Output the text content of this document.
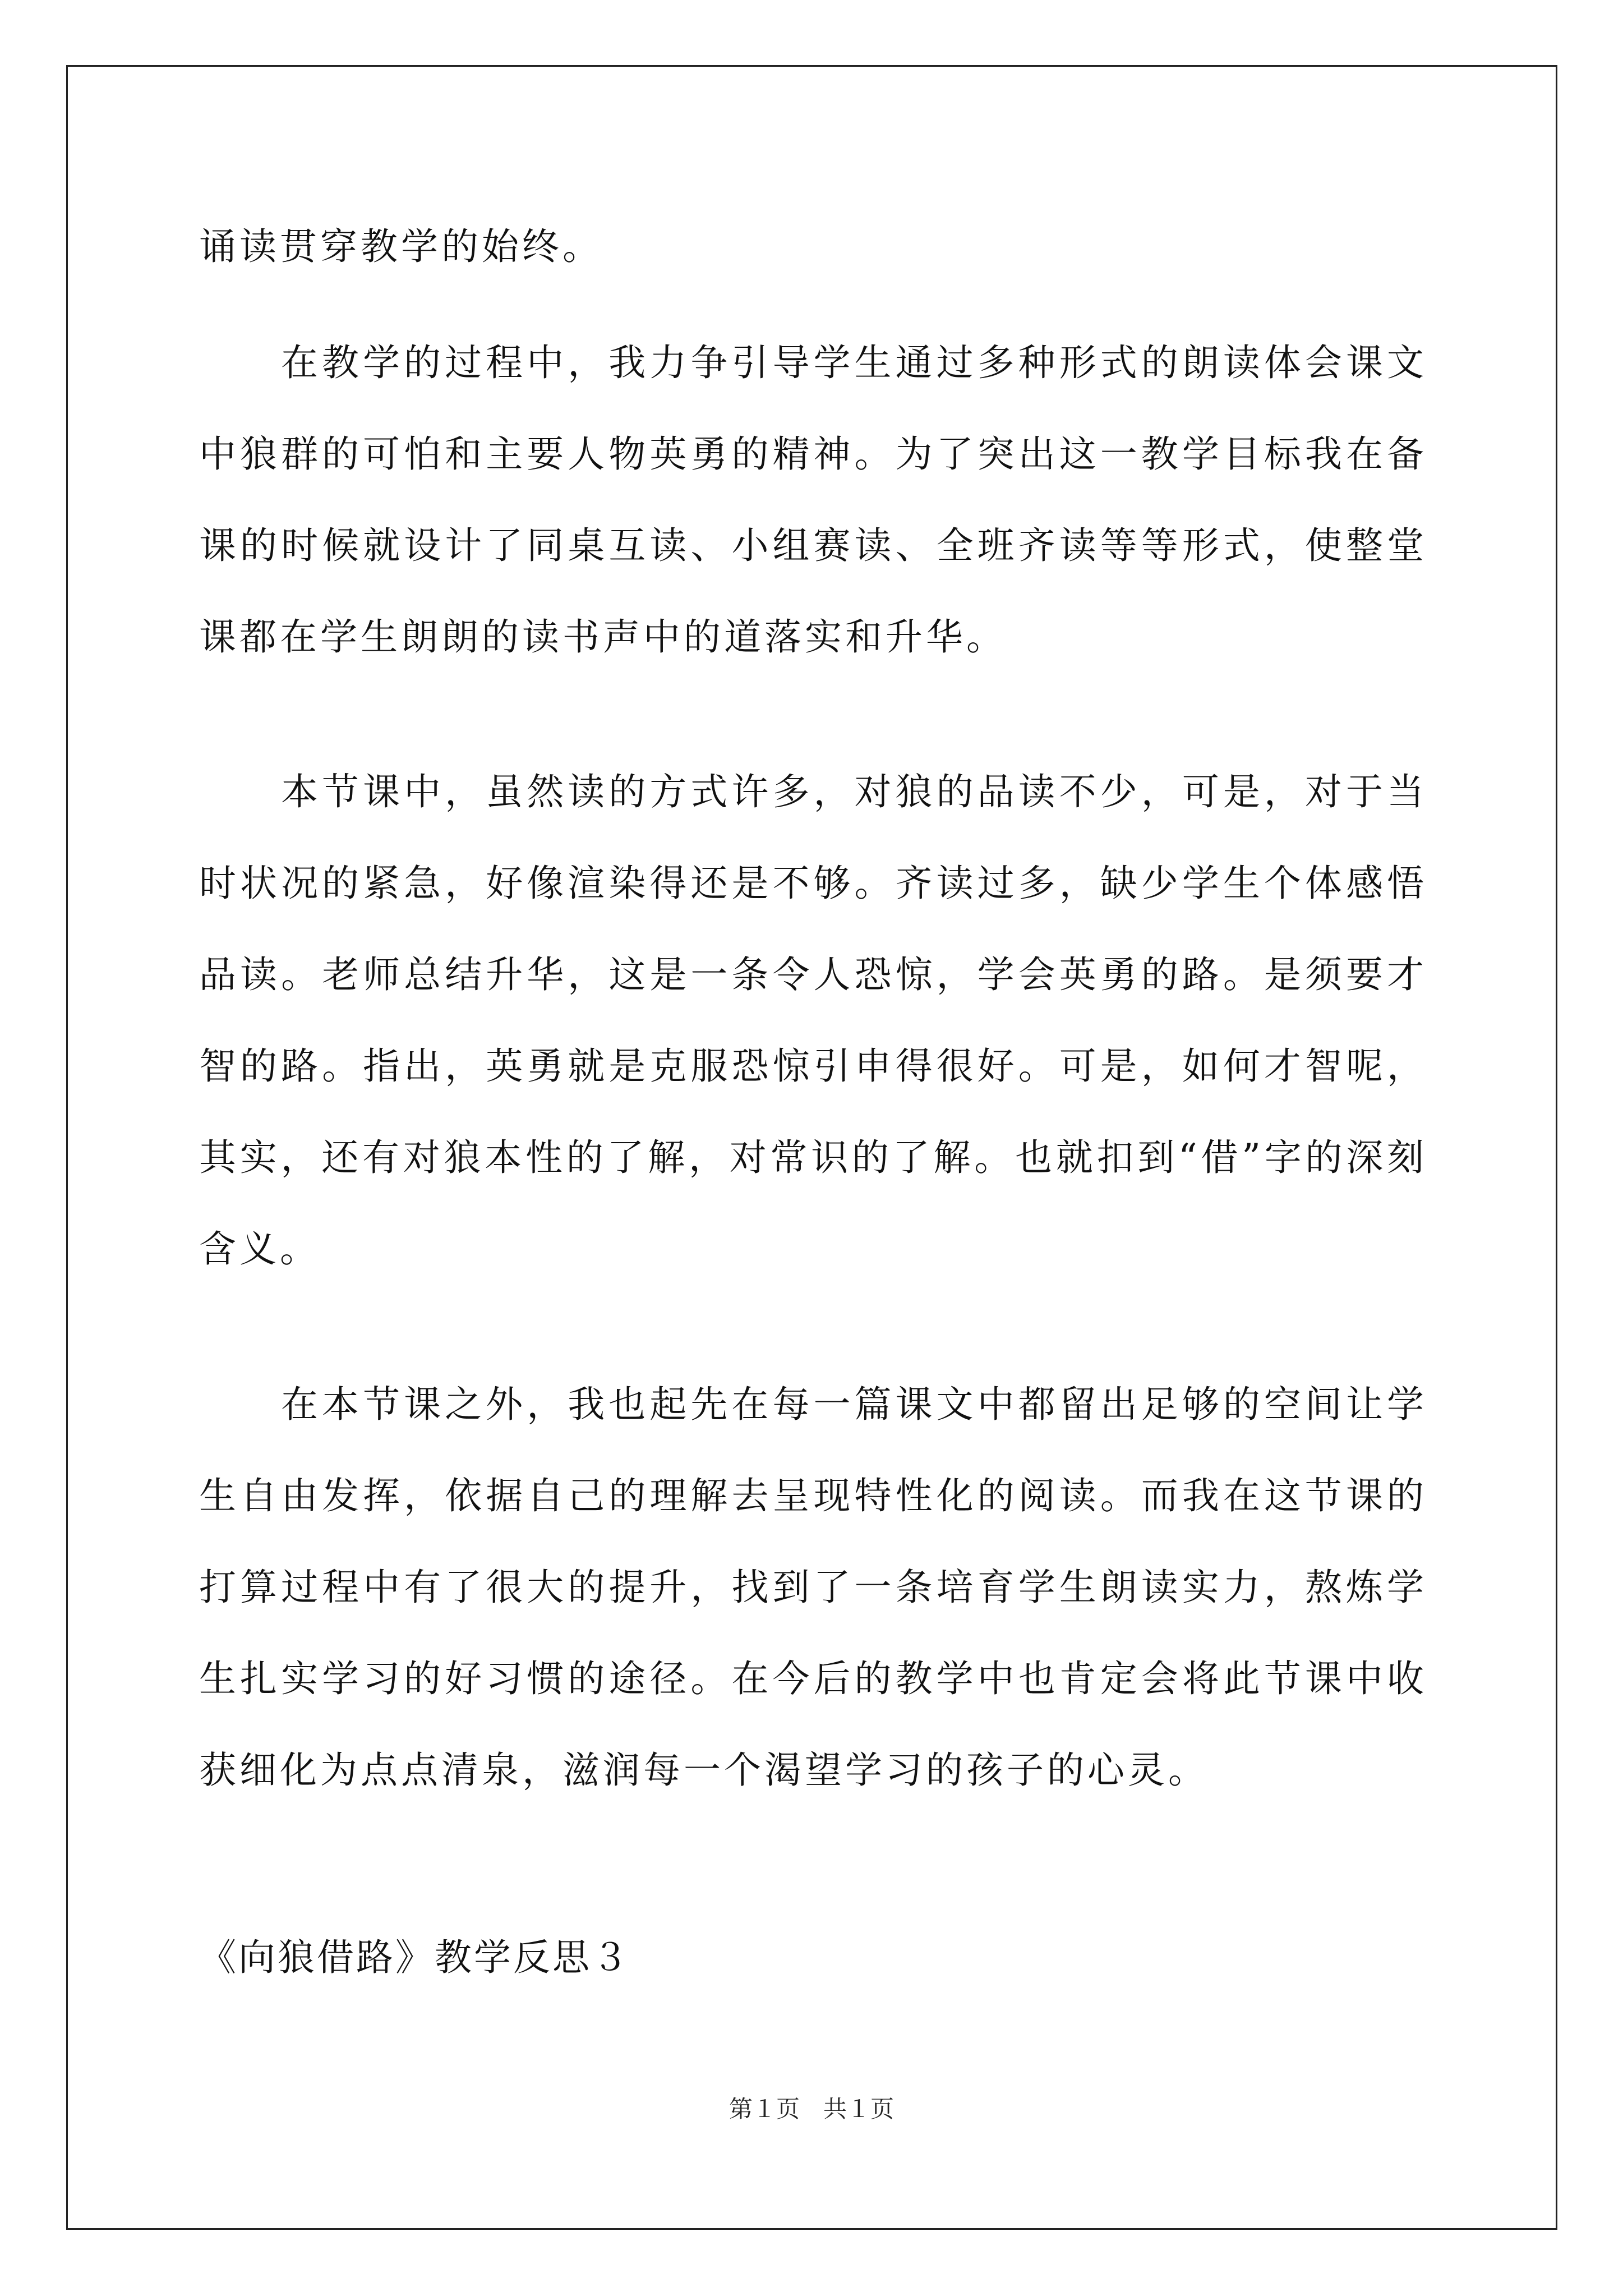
诵读贯穿教学的始终。

在教学的过程中，我力争引导学生通过多种形式的朗读体会课文中狼群的可怕和主要人物英勇的精神。为了突出这一教学目标我在备课的时候就设计了同桌互读、小组赛读、全班齐读等等形式，使整堂课都在学生朗朗的读书声中的道落实和升华。

本节课中，虽然读的方式许多，对狼的品读不少，可是，对于当时状况的紧急，好像渲染得还是不够。齐读过多，缺少学生个体感悟品读。老师总结升华，这是一条令人恐惊，学会英勇的路。是须要才智的路。指出，英勇就是克服恐惊引申得很好。可是，如何才智呢，其实，还有对狼本性的了解，对常识的了解。也就扣到“借”字的深刻含义。

在本节课之外，我也起先在每一篇课文中都留出足够的空间让学生自由发挥，依据自己的理解去呈现特性化的阅读。而我在这节课的打算过程中有了很大的提升，找到了一条培育学生朗读实力，熬炼学生扎实学习的好习惯的途径。在今后的教学中也肯定会将此节课中收获细化为点点清泉，滋润每一个渴望学习的孩子的心灵。

《向狼借路》教学反思３
第１页　共１页
